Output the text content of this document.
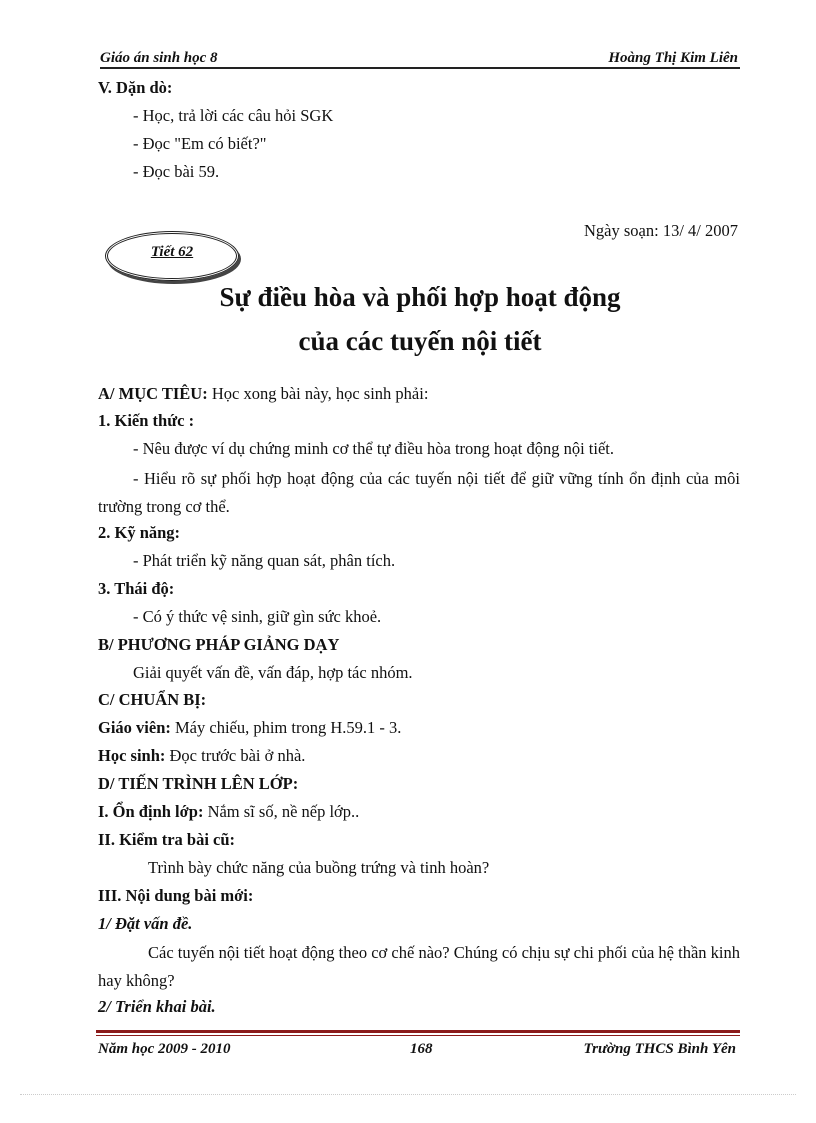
Giáo án sinh học 8	Hoàng Thị Kim Liên
V. Dặn dò:
- Học, trả lời các câu hỏi SGK
- Đọc "Em có biết?"
- Đọc bài 59.
Ngày soạn: 13/ 4/ 2007
Tiết 62
Sự điều hòa và phối hợp hoạt động
của các tuyến nội tiết
A/ MỤC TIÊU: Học xong bài này, học sinh phải:
1. Kiến thức :
- Nêu được ví dụ chứng minh cơ thể tự điều hòa trong hoạt động nội tiết.
- Hiểu rõ sự phối hợp hoạt động của các tuyến nội tiết để giữ vững tính ổn định của môi trường trong cơ thể.
2. Kỹ năng:
- Phát triển kỹ năng quan sát, phân tích.
3. Thái độ:
- Có ý thức vệ sinh, giữ gìn sức khoẻ.
B/ PHƯƠNG PHÁP GIẢNG DẠY
Giải quyết vấn đề, vấn đáp, hợp tác nhóm.
C/ CHUẨN BỊ:
Giáo viên: Máy chiếu, phim trong H.59.1 - 3.
Học sinh: Đọc trước bài ở nhà.
D/ TIẾN TRÌNH LÊN LỚP:
I. Ổn định lớp: Nắm sĩ số, nề nếp lớp..
II. Kiểm tra bài cũ:
Trình bày chức năng của buồng trứng và tinh hoàn?
III. Nội dung bài mới:
1/ Đặt vấn đề.
Các tuyến nội tiết hoạt động theo cơ chế nào? Chúng có chịu sự chi phối của hệ thần kinh hay không?
2/ Triển khai bài.
Năm học 2009 - 2010	168	Trường THCS Bình Yên
